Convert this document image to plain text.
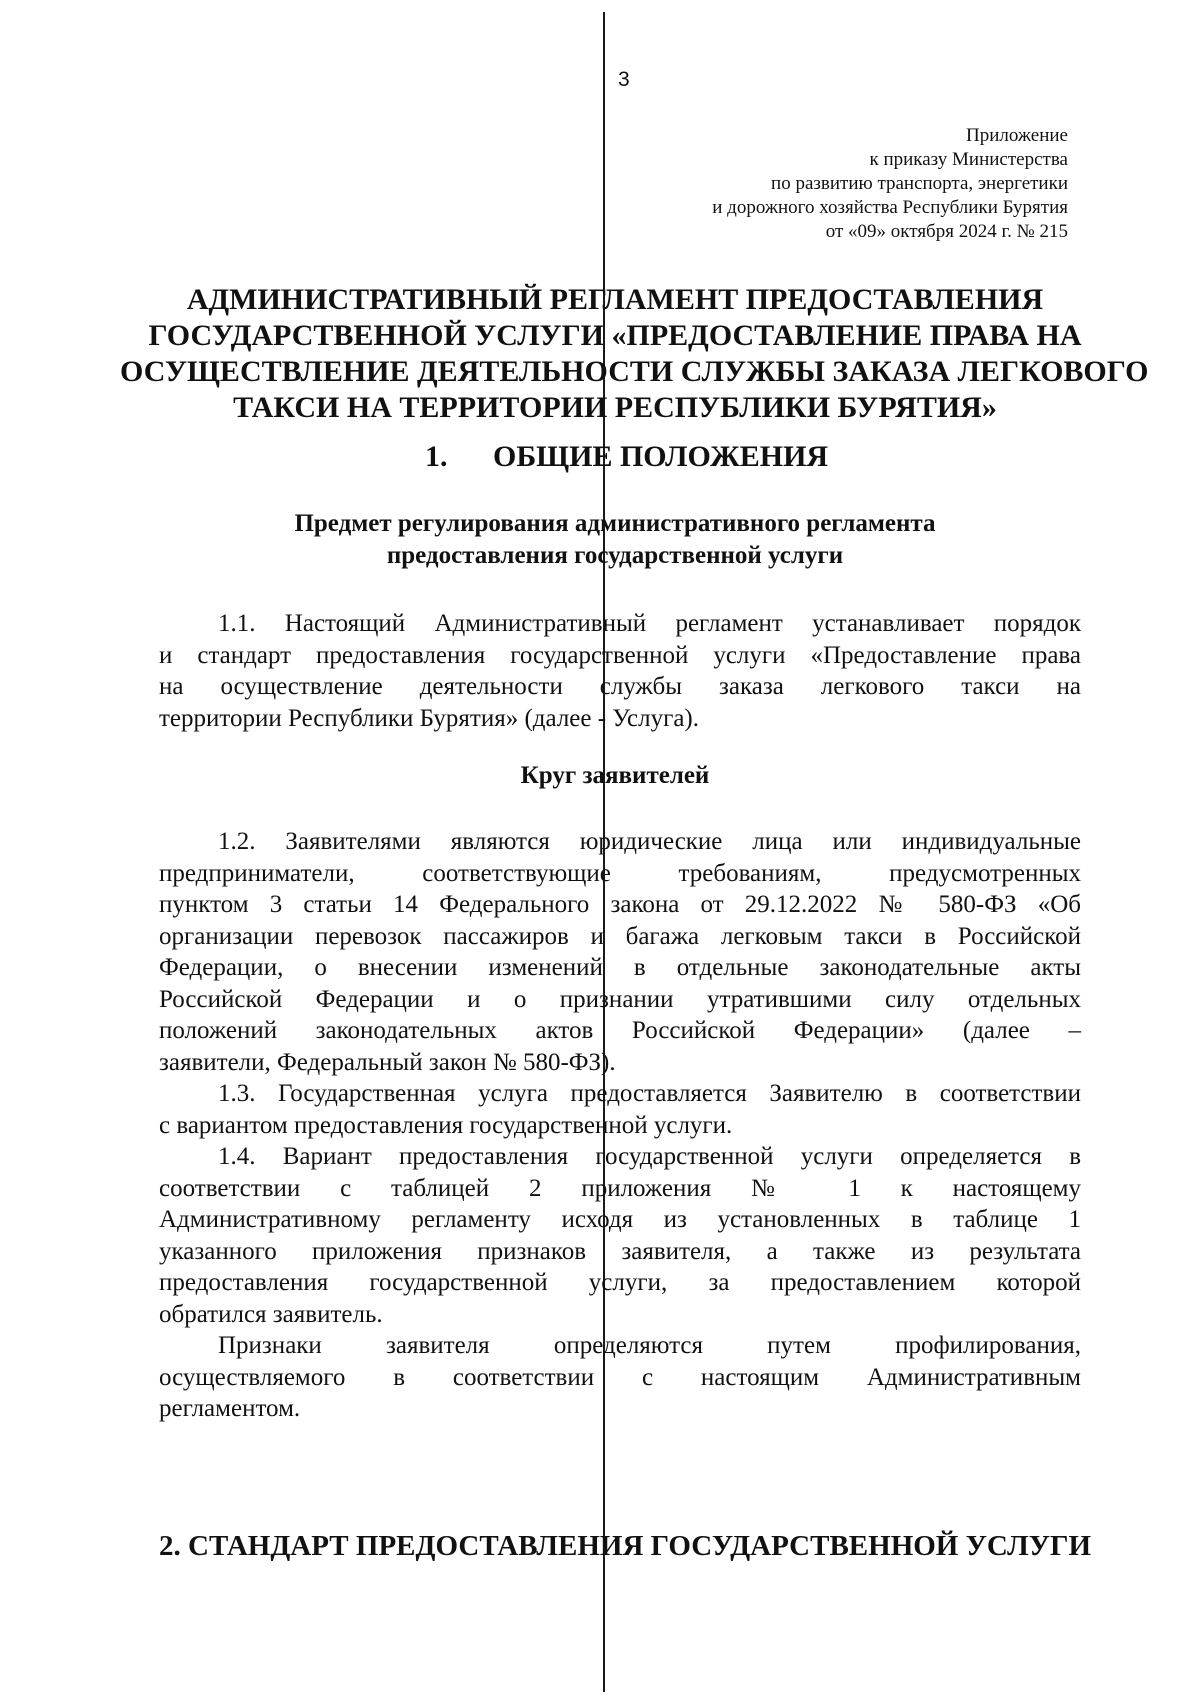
3
Приложение
к приказу Министерства
по развитию транспорта, энергетики
и дорожного хозяйства Республики Бурятия
от «09» октября 2024 г. № 215
АДМИНИСТРАТИВНЫЙ РЕГЛАМЕНТ ПРЕДОСТАВЛЕНИЯ
ГОСУДАРСТВЕННОЙ УСЛУГИ «ПРЕДОСТАВЛЕНИЕ ПРАВА НА
ОСУЩЕСТВЛЕНИЕ ДЕЯТЕЛЬНОСТИ СЛУЖБЫ ЗАКАЗА ЛЕГКОВОГО
ТАКСИ НА ТЕРРИТОРИИ РЕСПУБЛИКИ БУРЯТИЯ»
1. ОБЩИЕ ПОЛОЖЕНИЯ
Предмет регулирования административного регламента
предоставления государственной услуги
1.1. Настоящий Административный регламент устанавливает порядок
и стандарт предоставления государственной услуги «Предоставление права
на осуществление деятельности службы заказа легкового такси на
территории Республики Бурятия» (далее - Услуга).
Круг заявителей
1.2. Заявителями являются юридические лица или индивидуальные
предприниматели, соответствующие требованиям, предусмотренных
пунктом 3 статьи 14 Федерального закона от 29.12.2022 № 580-ФЗ «Об
организации перевозок пассажиров и багажа легковым такси в Российской
Федерации, о внесении изменений в отдельные законодательные акты
Российской Федерации и о признании утратившими силу отдельных
положений законодательных актов Российской Федерации» (далее –
заявители, Федеральный закон № 580-ФЗ).
1.3. Государственная услуга предоставляется Заявителю в соответствии
с вариантом предоставления государственной услуги.
1.4. Вариант предоставления государственной услуги определяется в
соответствии с таблицей 2 приложения № 1 к настоящему
Административному регламенту исходя из установленных в таблице 1
указанного приложения признаков заявителя, а также из результата
предоставления государственной услуги, за предоставлением которой
обратился заявитель.
Признаки заявителя определяются путем профилирования,
осуществляемого в соответствии с настоящим Административным
регламентом.
2. СТАНДАРТ ПРЕДОСТАВЛЕНИЯ ГОСУДАРСТВЕННОЙ УСЛУГИ
